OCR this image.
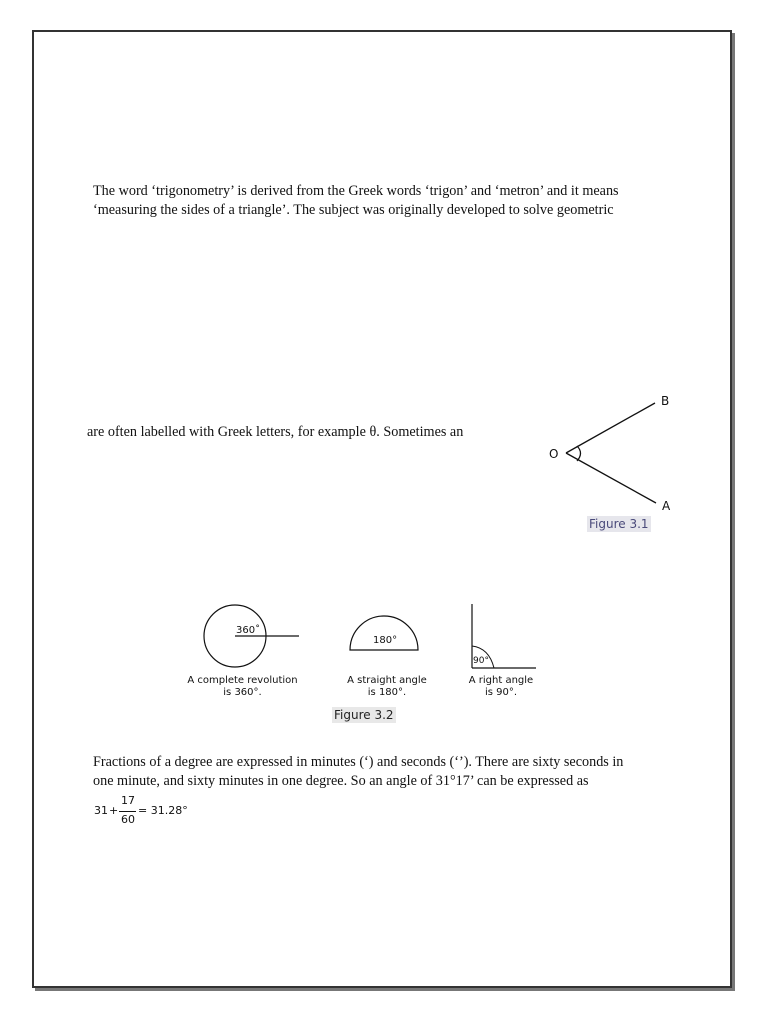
The word ‘trigonometry’ is derived from the Greek words ‘trigon’ and ‘metron’ and it means
‘measuring the sides of a triangle’. The subject was originally developed to solve geometric
are often labelled with Greek letters, for example θ. Sometimes an
O
B
A
Figure 3.1
360˚
A complete revolution
is 360°.
180°
A straight angle
is 180°.
90°
A right angle
is 90°.
Figure 3.2
Fractions of a degree are expressed in minutes (‘) and seconds (‘’). There are sixty seconds in
one minute, and sixty minutes in one degree. So an angle of 31°17’ can be expressed as
31 +
17
60
= 31.28°
